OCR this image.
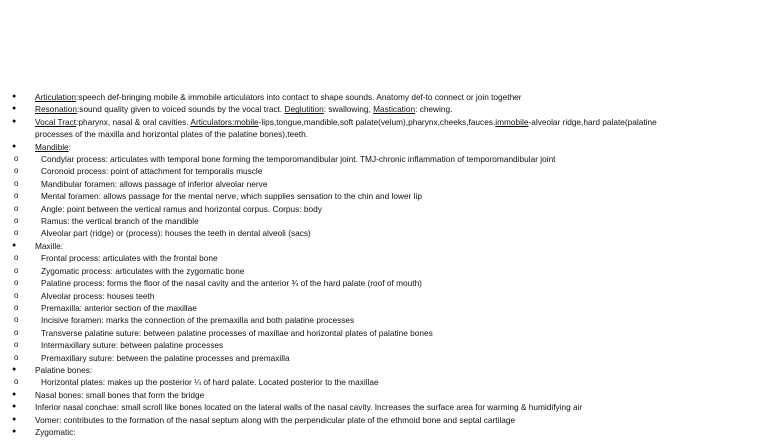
● Articulation:speech def-bringing mobile & immobile articulators into contact to shape sounds. Anatomy def-to connect or join together
● Resonation:sound quality given to voiced sounds by the vocal tract. Deglutition: swallowing, Mastication: chewing.
● Vocal Tract:pharynx, nasal & oral cavities. Articulators:mobile-lips,tongue,mandible,soft palate(velum),pharynx,cheeks,fauces.immobile-alveolar ridge,hard palate(palatine processes of the maxilla and horizontal plates of the palatine bones),teeth.
● Mandible:
o	Condylar process: articulates with temporal bone forming the temporomandibular joint. TMJ-chronic inflammation of temporomandibular joint
o	Coronoid process: point of attachment for temporalis muscle
o	Mandibular foramen: allows passage of inferior alveolar nerve
o	Mental foramen: allows passage for the mental nerve, which supplies sensation to the chin and lower lip
o	Angle: point between the vertical ramus and horizontal corpus. Corpus: body
o	Ramus: the vertical branch of the mandible
o	Alveolar part (ridge) or (process): houses the teeth in dental alveoli (sacs)
● Maxille:
o	Frontal process: articulates with the frontal bone
o	Zygomatic process: articulates with the zygomatic bone
o	Palatine process: forms the floor of the nasal cavity and the anterior ¾ of the hard palate (roof of mouth)
o	Alveolar process: houses teeth
o	Premaxilla: anterior section of the maxillae
o	Incisive foramen: marks the connection of the premaxilla and both palatine processes
o	Transverse palatine suture: between palatine processes of maxillae and horizontal plates of palatine bones
o	Intermaxillary suture: between palatine processes
o	Premaxillary suture: between the palatine processes and premaxilla
● Palatine bones:
o	Horizontal plates: makes up the posterior ¼ of hard palate. Located posterior to the maxillae
● Nasal bones: small bones that form the bridge
● Inferior nasal conchae: small scroll like bones located on the lateral walls of the nasal cavity. Increases the surface area for warming & humidifying air
● Vomer: contributes to the formation of the nasal septum along with the perpendicular plate of the ethmoid bone and septal cartilage
● Zygomatic:
